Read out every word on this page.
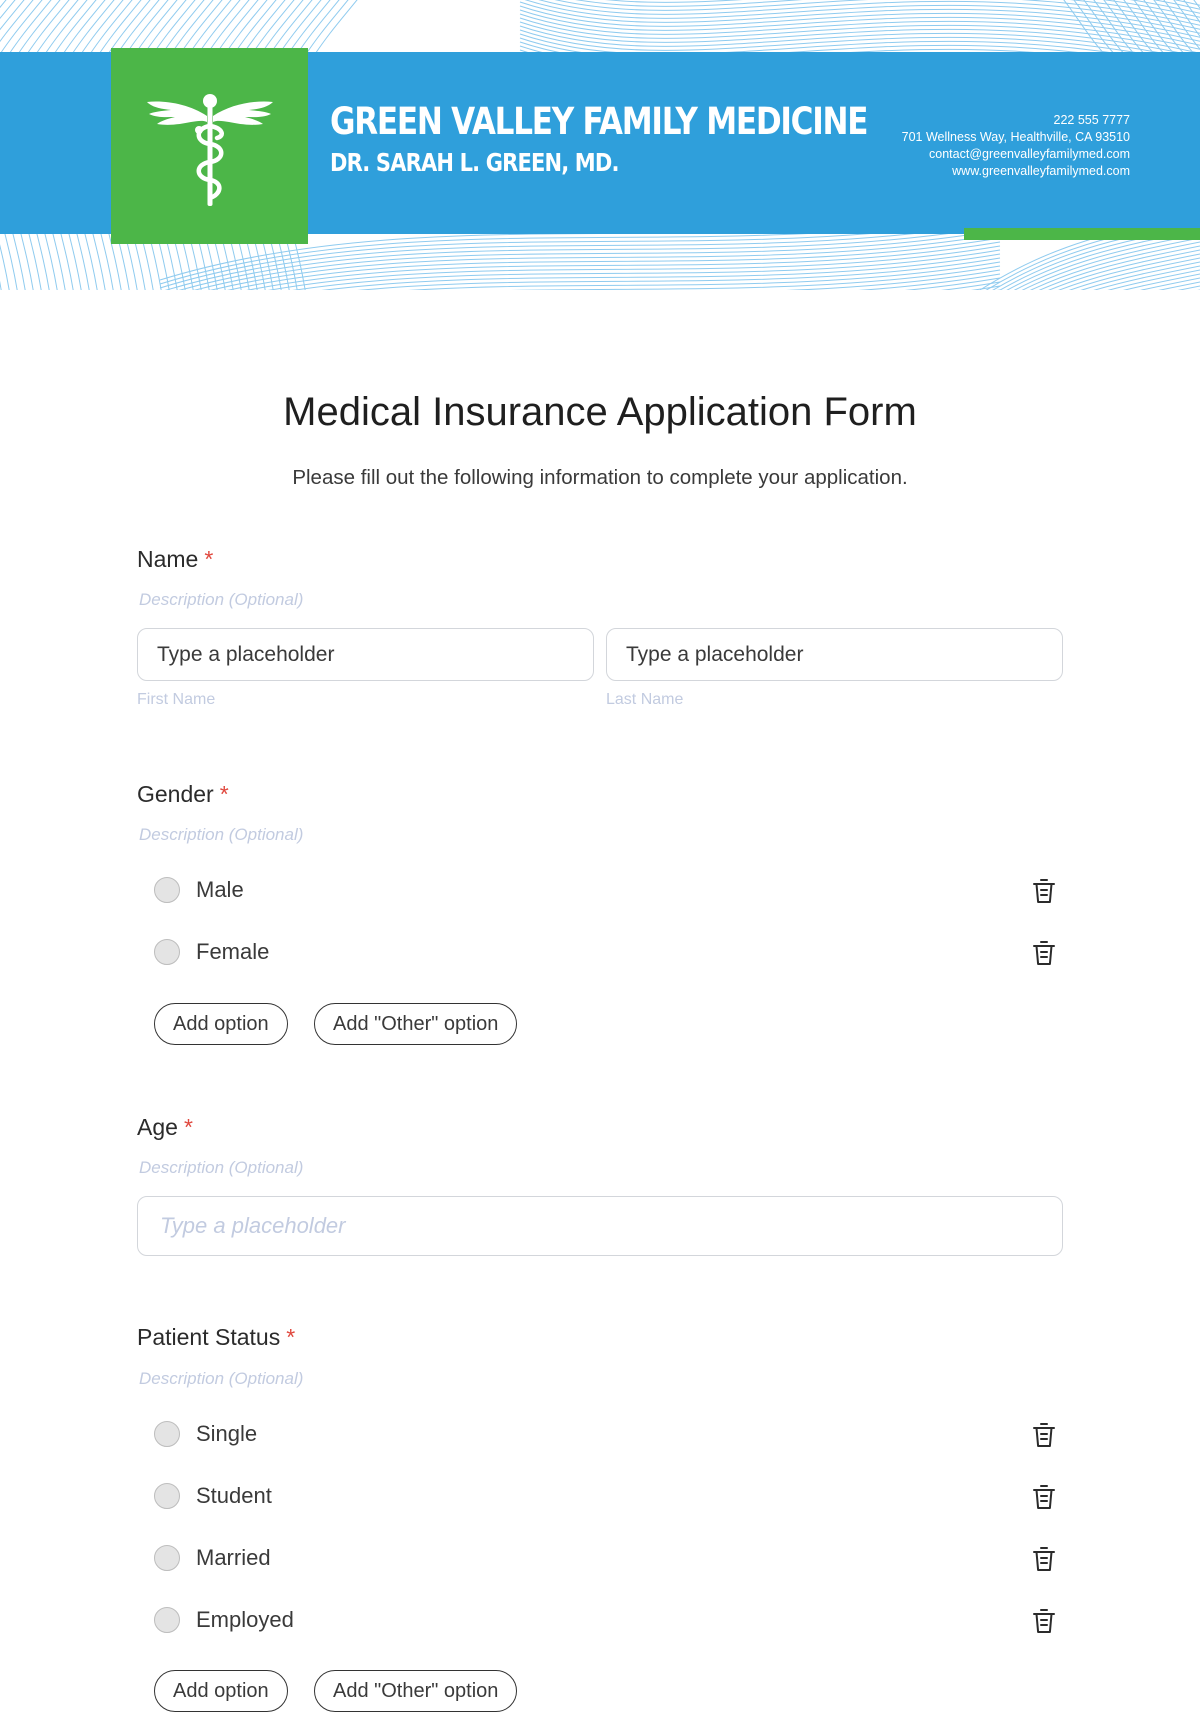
GREEN VALLEY FAMILY MEDICINE
DR. SARAH L. GREEN, MD.
222 555 7777
701 Wellness Way, Healthville, CA 93510
contact@greenvalleyfamilymed.com
www.greenvalleyfamilymed.com
Medical Insurance Application Form

Please fill out the following information to complete your application.

Name *
Description (Optional)
Type a placeholder
Type a placeholder
First Name	Last Name
Gender *
Description (Optional)
Male
Female
Add option	Add "Other" option
Age *
Description (Optional)
Type a placeholder
Patient Status *
Description (Optional)
Single
Student
Married
Employed
Add option	Add "Other" option
